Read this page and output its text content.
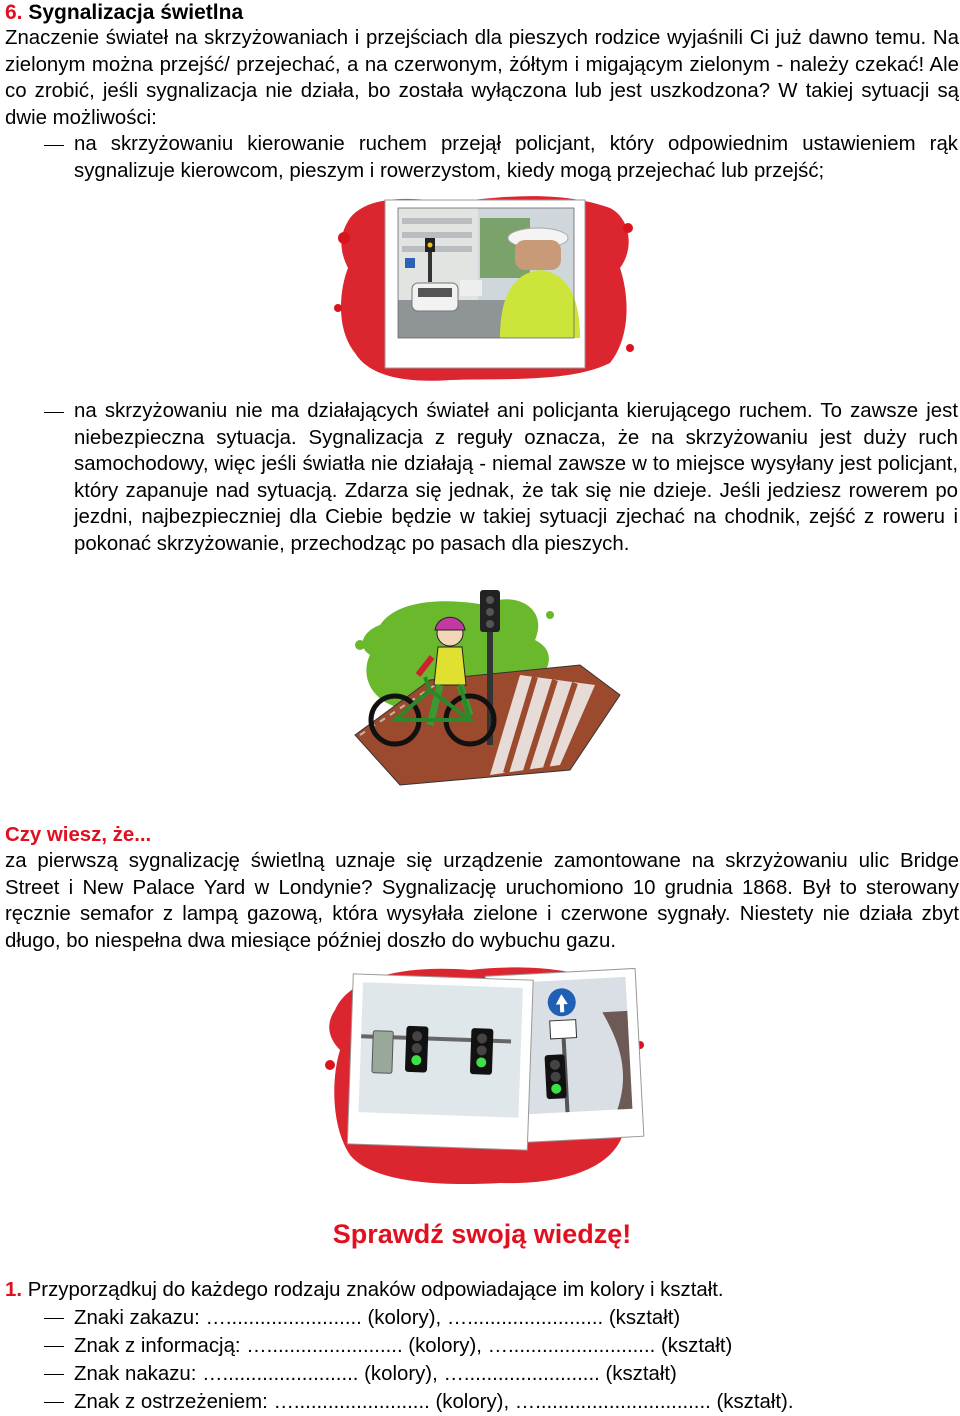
6. Sygnalizacja świetlna

Znaczenie świateł na skrzyżowaniach i przejściach dla pieszych rodzice wyjaśnili Ci już dawno temu. Na zielonym można przejść/ przejechać, a na czerwonym, żółtym i migającym zielonym - należy czekać! Ale co zrobić, jeśli sygnalizacja nie działa, bo została wyłączona lub jest uszkodzona? W takiej sytuacji są dwie możliwości:

na skrzyżowaniu kierowanie ruchem przejął policjant, który odpowiednim ustawieniem rąk sygnalizuje kierowcom, pieszym i rowerzystom, kiedy mogą przejechać lub przejść;

na skrzyżowaniu nie ma działających świateł ani policjanta kierującego ruchem. To zawsze jest niebezpieczna sytuacja. Sygnalizacja z reguły oznacza, że na skrzyżowaniu jest duży ruch samochodowy, więc jeśli światła nie działają - niemal zawsze w to miejsce wysyłany jest policjant, który zapanuje nad sytuacją. Zdarza się jednak, że tak się nie dzieje. Jeśli jedziesz rowerem po jezdni, najbezpieczniej dla Ciebie będzie w takiej sytuacji zjechać na chodnik, zejść z roweru i pokonać skrzyżowanie, przechodząc po pasach dla pieszych.

Czy wiesz, że...

za pierwszą sygnalizację świetlną uznaje się urządzenie zamontowane na skrzyżowaniu ulic Bridge Street i New Palace Yard w Londynie? Sygnalizację uruchomiono 10 grudnia 1868. Był to sterowany ręcznie semafor z lampą gazową, która wysyłała zielone i czerwone sygnały. Niestety nie działa zbyt długo, bo niespełna dwa miesiące później doszło do wybuchu gazu.

Sprawdź swoją wiedzę!

1. Przyporządkuj do każdego rodzaju znaków odpowiadające im kolory i kształt.

Znaki zakazu: …........................ (kolory), …........................ (kształt)

Znak z informacją: …........................ (kolory), ….......................... (kształt)

Znak nakazu: …........................ (kolory), …........................ (kształt)

Znak z ostrzeżeniem: …........................ (kolory), …............................... (kształt).
